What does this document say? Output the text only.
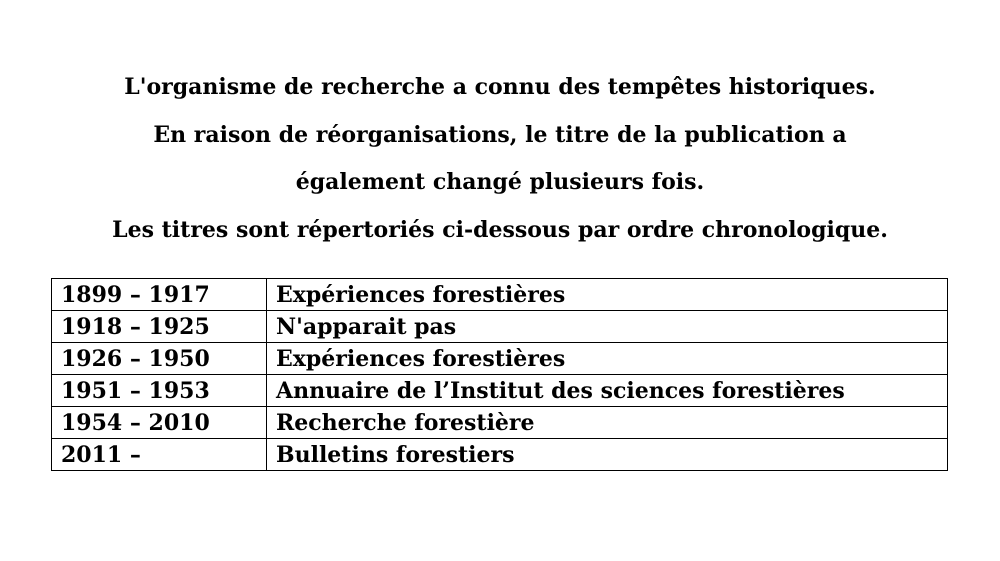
L'organisme de recherche a connu des tempêtes historiques.
En raison de réorganisations, le titre de la publication a
également changé plusieurs fois.
Les titres sont répertoriés ci-dessous par ordre chronologique.
1899 – 1917	Expériences forestières
1918 – 1925	N'apparait pas
1926 – 1950	Expériences forestières
1951 – 1953	Annuaire de l’Institut des sciences forestières
1954 – 2010	Recherche forestière
2011 –	Bulletins forestiers
